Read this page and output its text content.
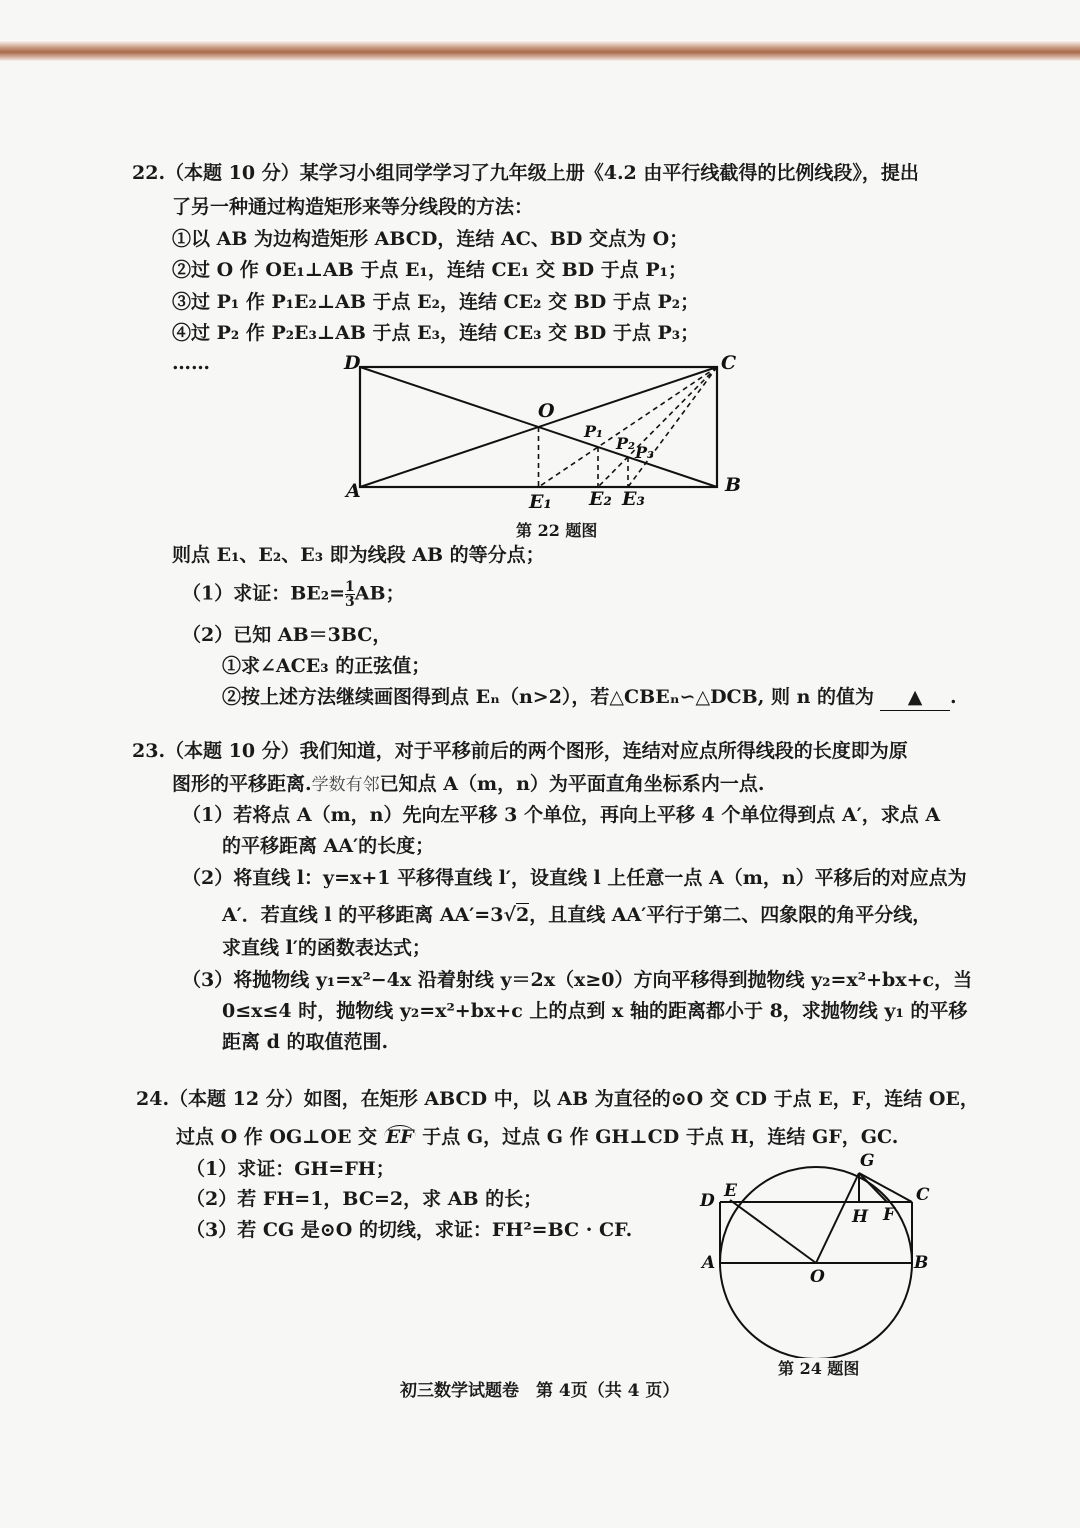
22.（本题 10 分）某学习小组同学学习了九年级上册《4.2 由平行线截得的比例线段》，提出
了另一种通过构造矩形来等分线段的方法：
①以 AB 为边构造矩形 ABCD，连结 AC、BD 交点为 O；
②过 O 作 OE₁⊥AB 于点 E₁，连结 CE₁ 交 BD 于点 P₁；
③过 P₁ 作 P₁E₂⊥AB 于点 E₂，连结 CE₂ 交 BD 于点 P₂；
④过 P₂ 作 P₂E₃⊥AB 于点 E₃，连结 CE₃ 交 BD 于点 P₃；
……	D	C
A	B
O
P₁
P₂ P₃
E₁ E₂ E₃
第 22 题图
则点 E₁、E₂、E₃ 即为线段 AB 的等分点；
（1）求证：$BE_2= \frac{1}{3}$ AB；
（2）已知 AB＝3BC，
①求∠ACE₃ 的正弦值；
②按上述方法继续画图得到点 Eₙ（n>2），若△CBEₙ∽△DCB, 则 n 的值为 ▲ .
23.（本题 10 分）我们知道，对于平移前后的两个图形，连结对应点所得线段的长度即为原
图形的平移距离.学数有邻已知点 A（m，n）为平面直角坐标系内一点.
（1）若将点 A（m，n）先向左平移 3 个单位，再向上平移 4 个单位得到点 A′，求点 A
的平移距离 AA′的长度；
（2）将直线 l：y=x+1 平移得直线 l′，设直线 l 上任意一点 A（m，n）平移后的对应点为
A′．若直线 l 的平移距离 AA′=3√2，且直线 AA′平行于第二、四象限的角平分线，
求直线 l′的函数表达式；
（3）将抛物线 y₁=x²−4x 沿着射线 y＝2x（x≥0）方向平移得到抛物线 y₂=x²+bx+c，当
0≤x≤4 时，抛物线 y₂=x²+bx+c 上的点到 x 轴的距离都小于 8，求抛物线 y₁ 的平移
距离 d 的取值范围.
24.（本题 12 分）如图，在矩形 ABCD 中，以 AB 为直径的⊙O 交 CD 于点 E，F，连结 OE，
过点 O 作 OG⊥OE 交 EF 于点 G，过点 G 作 GH⊥CD 于点 H，连结 GF，GC.
（1）求证：GH=FH；
（2）若 FH=1，BC=2，求 AB 的长；
（3）若 CG 是⊙O 的切线，求证：FH²=BC · CF.
G
D E	C
H F
A
O
B
第 24 题图
初三数学试题卷　第 4页（共 4 页）
